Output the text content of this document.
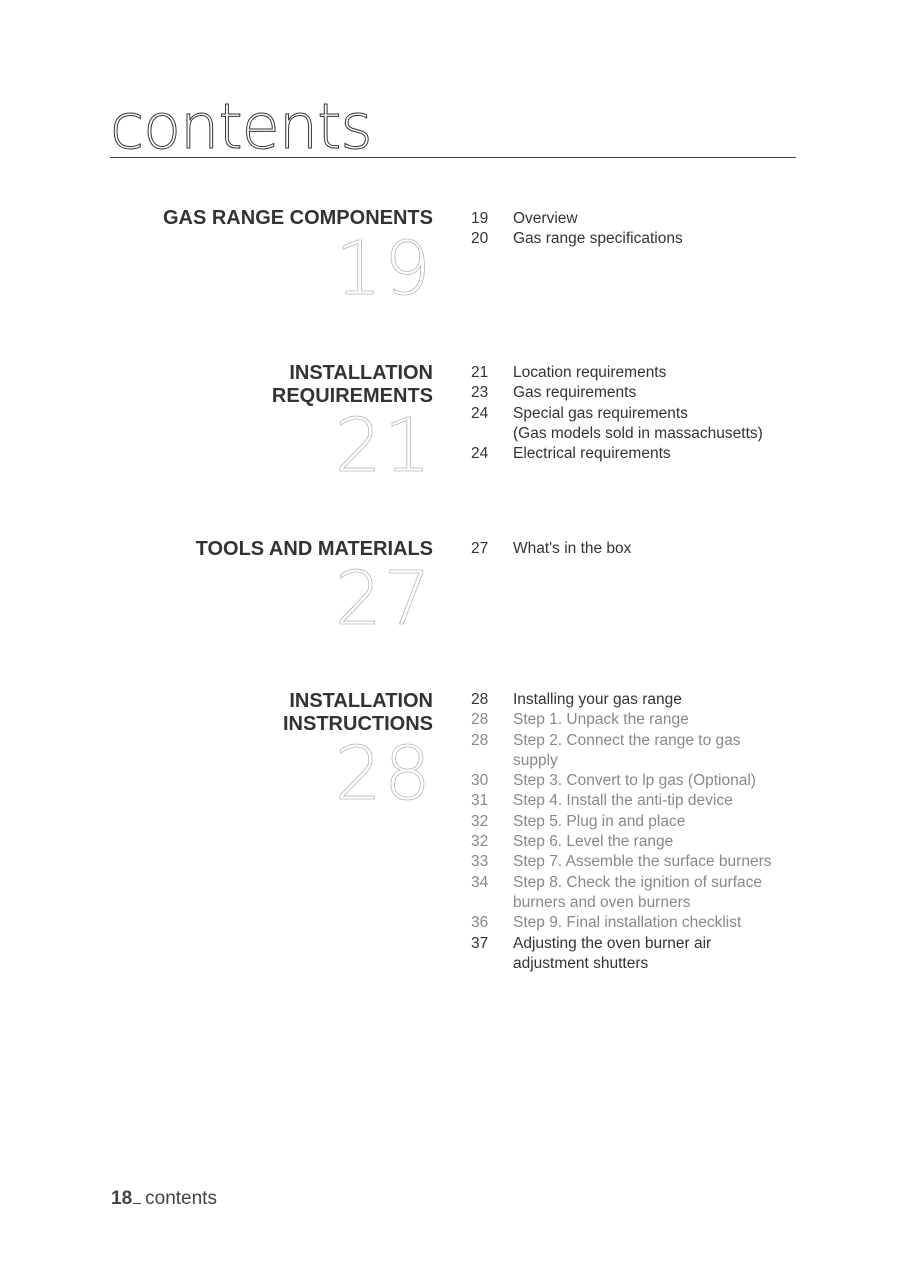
contents
GAS RANGE COMPONENTS
19
19	Overview
20	Gas range specifications
INSTALLATION
REQUIREMENTS
21
21	Location requirements
23	Gas requirements
24	Special gas requirements
(Gas models sold in massachusetts)
24	Electrical requirements
TOOLS AND MATERIALS
27
27	What's in the box
INSTALLATION
INSTRUCTIONS
28
28	Installing your gas range
28	Step 1. Unpack the range
28	Step 2. Connect the range to gas
supply
30	Step 3. Convert to lp gas (Optional)
31	Step 4. Install the anti-tip device
32	Step 5. Plug in and place
32	Step 6. Level the range
33	Step 7. Assemble the surface burners
34	Step 8. Check the ignition of surface
burners and oven burners
36	Step 9. Final installation checklist
37	Adjusting the oven burner air
adjustment shutters
18 contents
